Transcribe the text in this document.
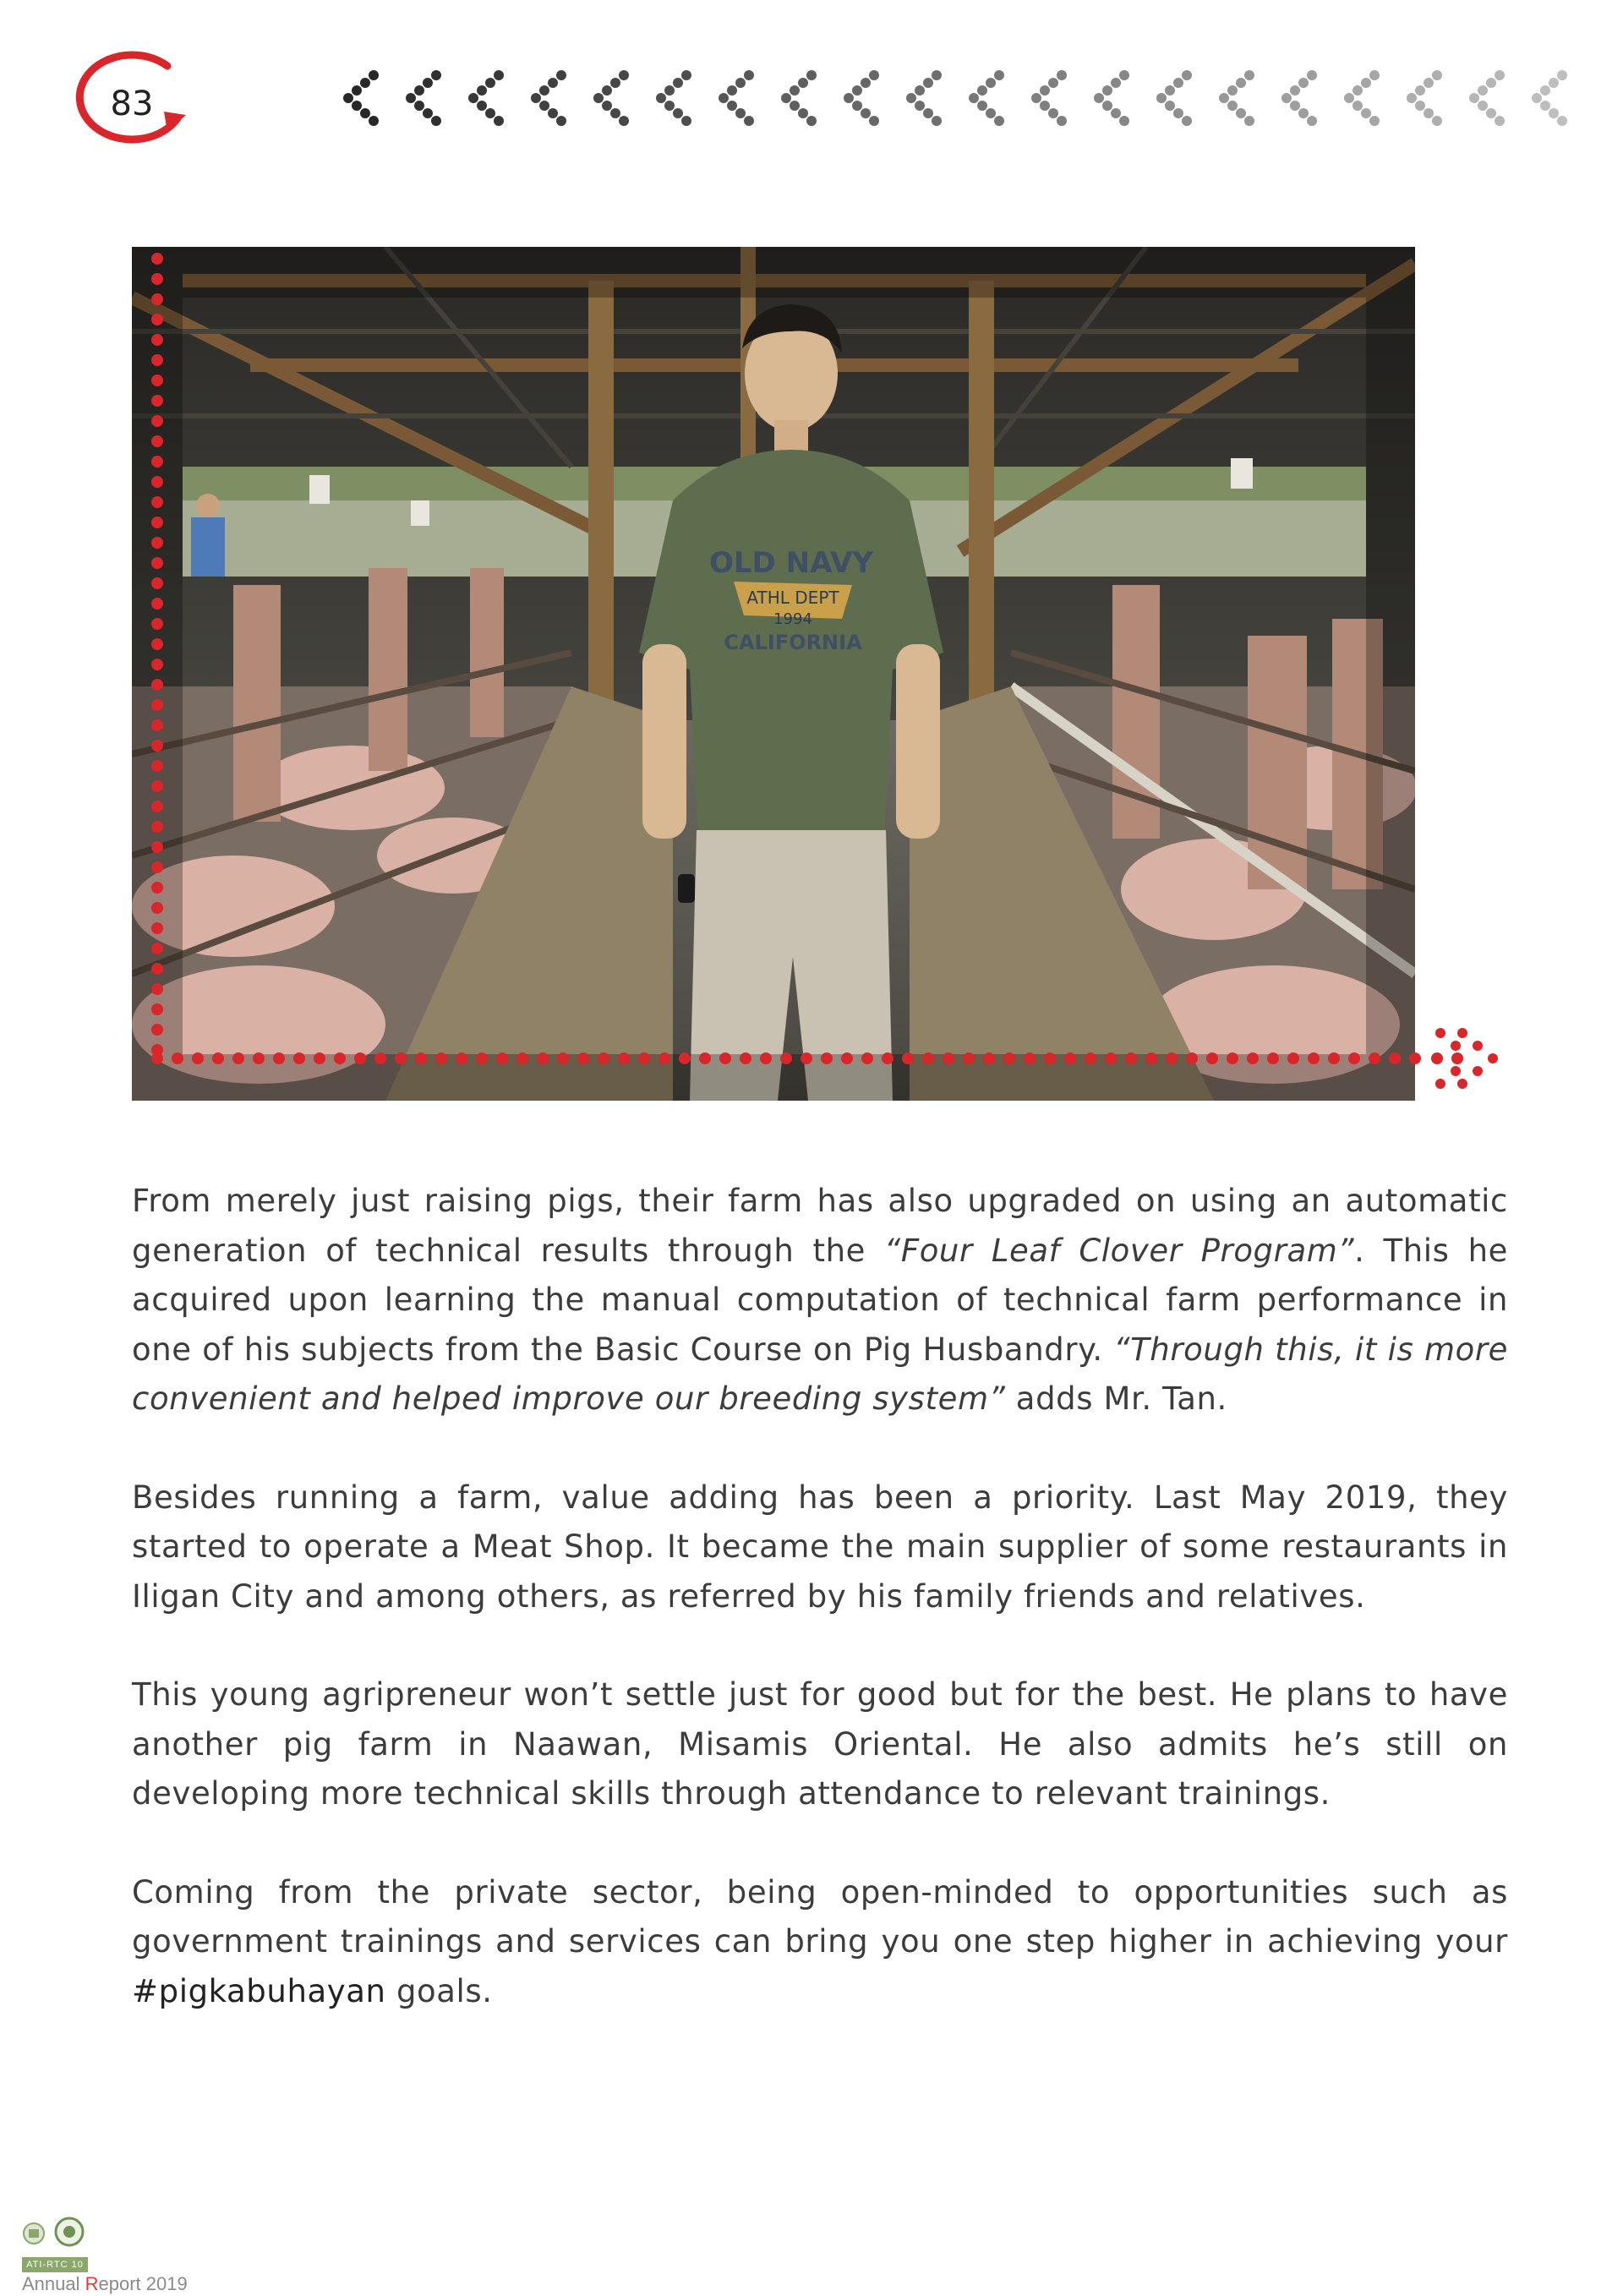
83
OLD NAVY
ATHL DEPT
1994
CALIFORNIA

From merely just raising pigs, their farm has also upgraded on using an automatic generation of technical results through the “Four Leaf Clover Program”. This he acquired upon learning the manual computation of technical farm performance in one of his subjects from the Basic Course on Pig Husbandry. “Through this, it is more convenient and helped improve our breeding system” adds Mr. Tan.

Besides running a farm, value adding has been a priority. Last May 2019, they started to operate a Meat Shop. It became the main supplier of some restaurants in Iligan City and among others, as referred by his family friends and relatives.

This young agripreneur won’t settle just for good but for the best. He plans to have another pig farm in Naawan, Misamis Oriental. He also admits he’s still on developing more technical skills through attendance to relevant trainings.

Coming from the private sector, being open-minded to opportunities such as government trainings and services can bring you one step higher in achieving your #pigkabuhayan goals.

ATI-RTC 10
Annual Report 2019
